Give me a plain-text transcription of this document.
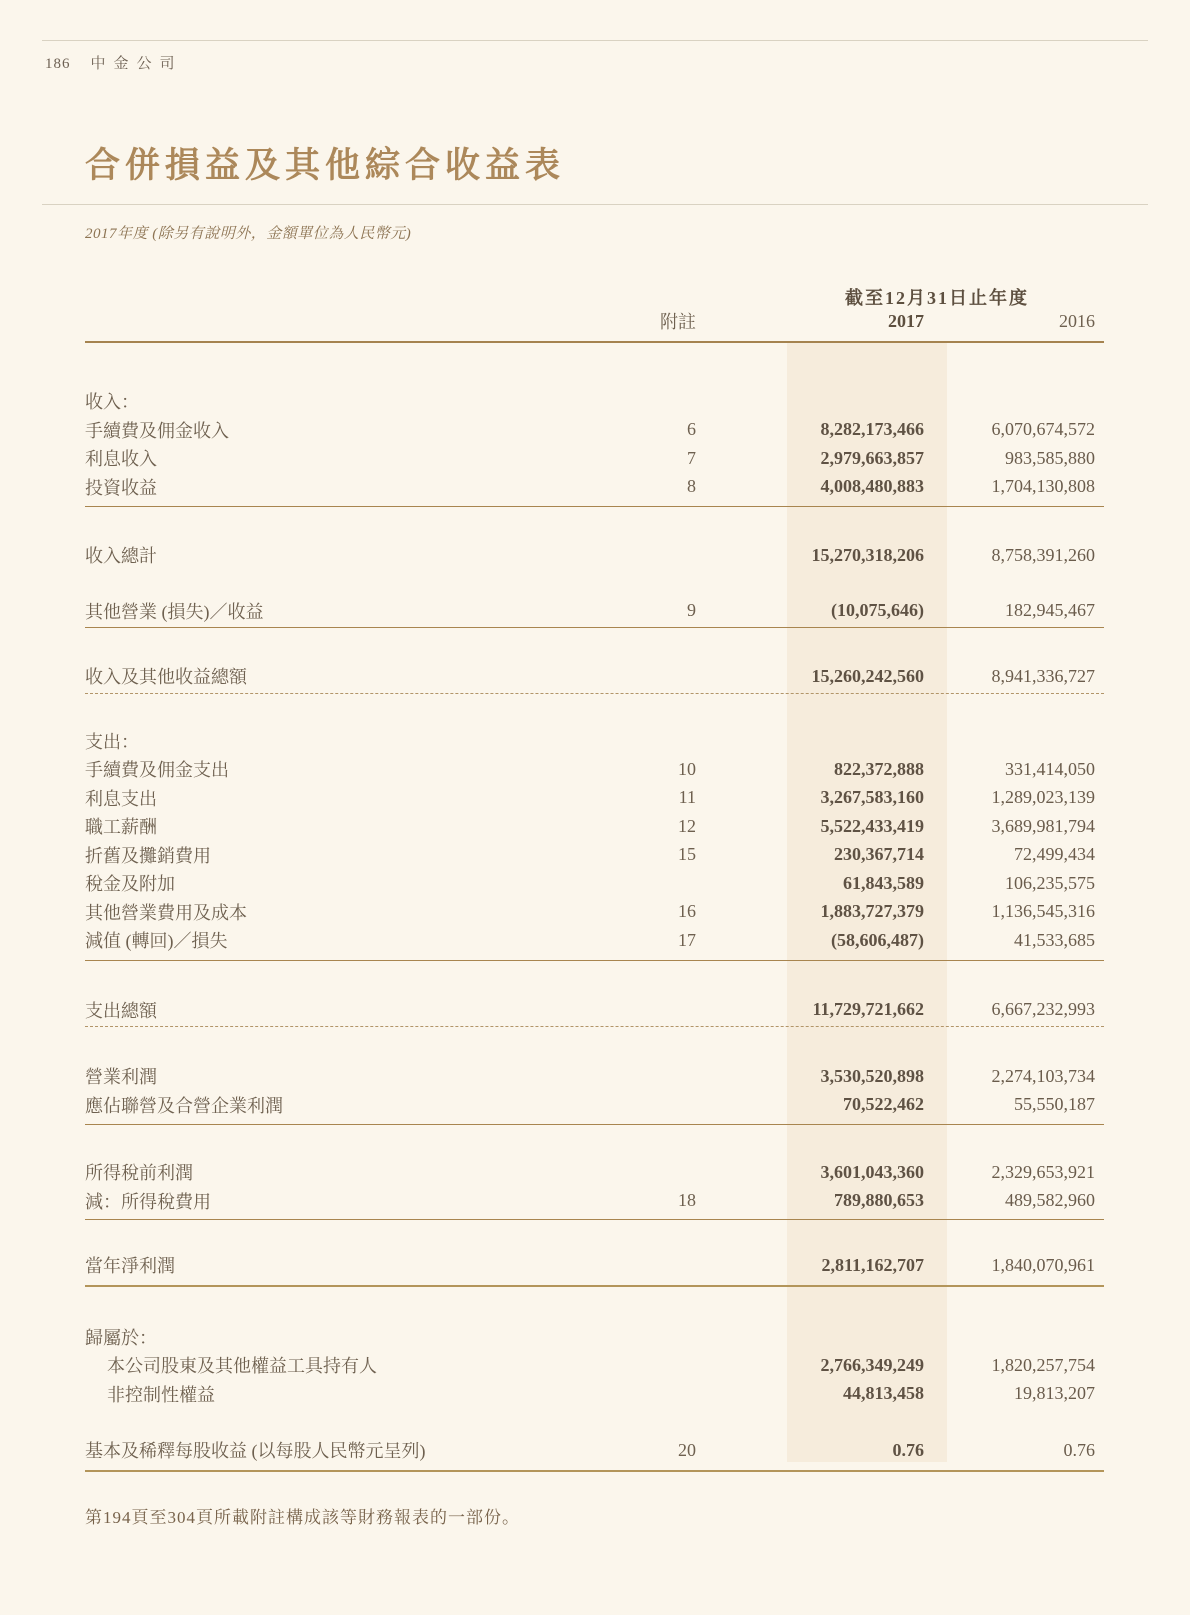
186 中金公司
合併損益及其他綜合收益表
2017年度 (除另有說明外，金額單位為人民幣元)
截至12月31日止年度
附註	2017	2016
收入：
手續費及佣金收入	6	8,282,173,466	6,070,674,572
利息收入	7	2,979,663,857	983,585,880
投資收益	8	4,008,480,883	1,704,130,808
收入總計	15,270,318,206	8,758,391,260
其他營業 (損失)／收益	9	(10,075,646)	182,945,467
收入及其他收益總額	15,260,242,560	8,941,336,727
支出：
手續費及佣金支出	10	822,372,888	331,414,050
利息支出	11	3,267,583,160	1,289,023,139
職工薪酬	12	5,522,433,419	3,689,981,794
折舊及攤銷費用	15	230,367,714	72,499,434
稅金及附加	61,843,589	106,235,575
其他營業費用及成本	16	1,883,727,379	1,136,545,316
減值 (轉回)／損失	17	(58,606,487)	41,533,685
支出總額	11,729,721,662	6,667,232,993
營業利潤	3,530,520,898	2,274,103,734
應佔聯營及合營企業利潤	70,522,462	55,550,187
所得稅前利潤	3,601,043,360	2,329,653,921
減：所得稅費用	18	789,880,653	489,582,960
當年淨利潤	2,811,162,707	1,840,070,961
歸屬於：
本公司股東及其他權益工具持有人	2,766,349,249	1,820,257,754
非控制性權益	44,813,458	19,813,207
基本及稀釋每股收益 (以每股人民幣元呈列)	20	0.76	0.76
第194頁至304頁所載附註構成該等財務報表的一部份。
